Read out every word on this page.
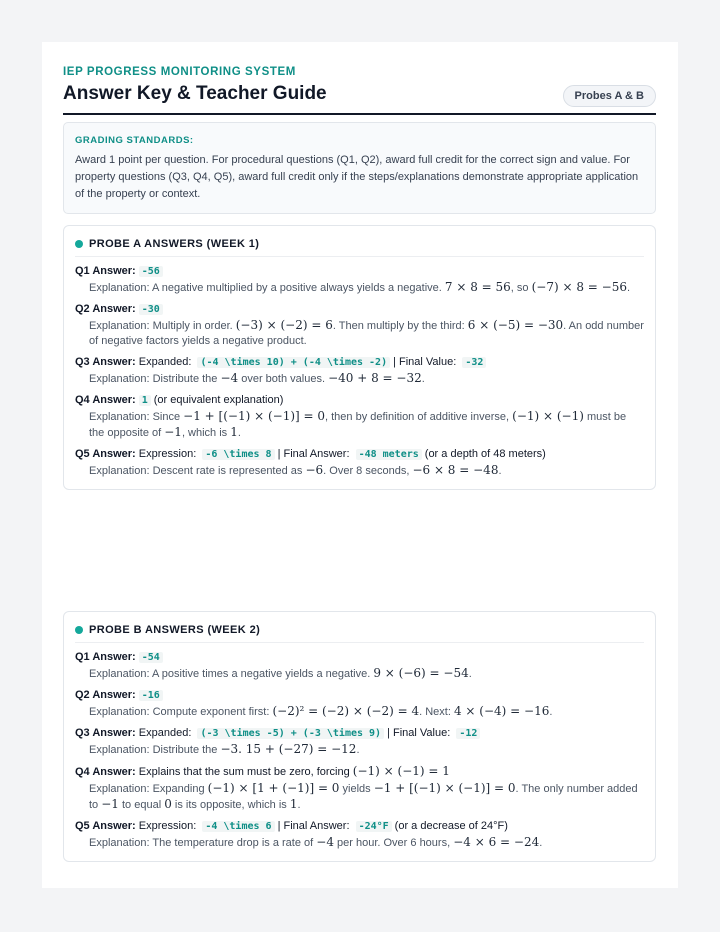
IEP PROGRESS MONITORING SYSTEM
Answer Key & Teacher Guide	Probes A & B
GRADING STANDARDS:
Award 1 point per question. For procedural questions (Q1, Q2), award full credit for the correct sign and value. For property questions (Q3, Q4, Q5), award full credit only if the steps/explanations demonstrate appropriate application of the property or context.
PROBE A ANSWERS (WEEK 1)
Q1 Answer: -56
Explanation: A negative multiplied by a positive always yields a negative. 7 × 8 = 56, so (−7) × 8 = −56.
Q2 Answer: -30
Explanation: Multiply in order. (−3) × (−2) = 6. Then multiply by the third: 6 × (−5) = −30. An odd number of negative factors yields a negative product.
Q3 Answer: Expanded: (-4 \times 10) + (-4 \times -2) | Final Value: -32
Explanation: Distribute the −4 over both values. −40 + 8 = −32.
Q4 Answer: 1 (or equivalent explanation)
Explanation: Since −1 + [(−1) × (−1)] = 0, then by definition of additive inverse, (−1) × (−1) must be the opposite of −1, which is 1.
Q5 Answer: Expression: -6 \times 8 | Final Answer: -48 meters (or a depth of 48 meters)
Explanation: Descent rate is represented as −6. Over 8 seconds, −6 × 8 = −48.
PROBE B ANSWERS (WEEK 2)
Q1 Answer: -54
Explanation: A positive times a negative yields a negative. 9 × (−6) = −54.
Q2 Answer: -16
Explanation: Compute exponent first: (−2)² = (−2) × (−2) = 4. Next: 4 × (−4) = −16.
Q3 Answer: Expanded: (-3 \times -5) + (-3 \times 9) | Final Value: -12
Explanation: Distribute the −3. 15 + (−27) = −12.
Q4 Answer: Explains that the sum must be zero, forcing (−1) × (−1) = 1
Explanation: Expanding (−1) × [1 + (−1)] = 0 yields −1 + [(−1) × (−1)] = 0. The only number added to −1 to equal 0 is its opposite, which is 1.
Q5 Answer: Expression: -4 \times 6 | Final Answer: -24°F (or a decrease of 24°F)
Explanation: The temperature drop is a rate of −4 per hour. Over 6 hours, −4 × 6 = −24.
